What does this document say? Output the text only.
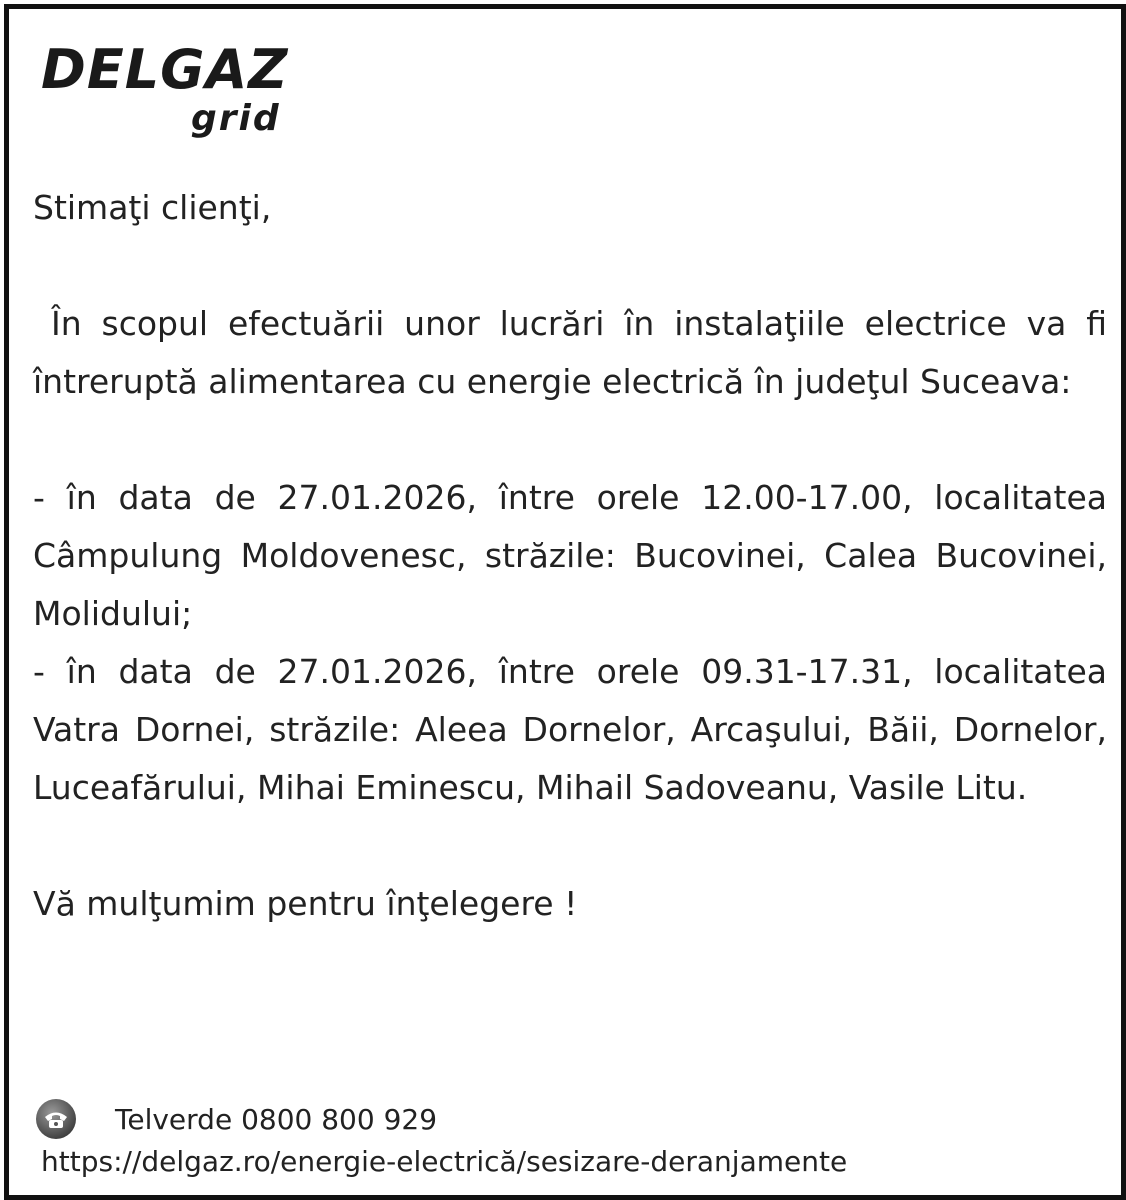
DELGAZ
grid

Stimaţi clienţi,

În scopul efectuării unor lucrări în instalaţiile electrice va fi întreruptă alimentarea cu energie electrică în judeţul Suceava:

- în data de 27.01.2026, între orele 12.00-17.00, localitatea Câmpulung Moldovenesc, străzile: Bucovinei, Calea Bucovinei, Molidului;

- în data de 27.01.2026, între orele 09.31-17.31, localitatea Vatra Dornei, străzile: Aleea Dornelor, Arcaşului, Băii, Dornelor, Luceafărului, Mihai Eminescu, Mihail Sadoveanu, Vasile Litu.

Vă mulţumim pentru înţelegere !

Telverde 0800 800 929
https://delgaz.ro/energie-electrică/sesizare-deranjamente
